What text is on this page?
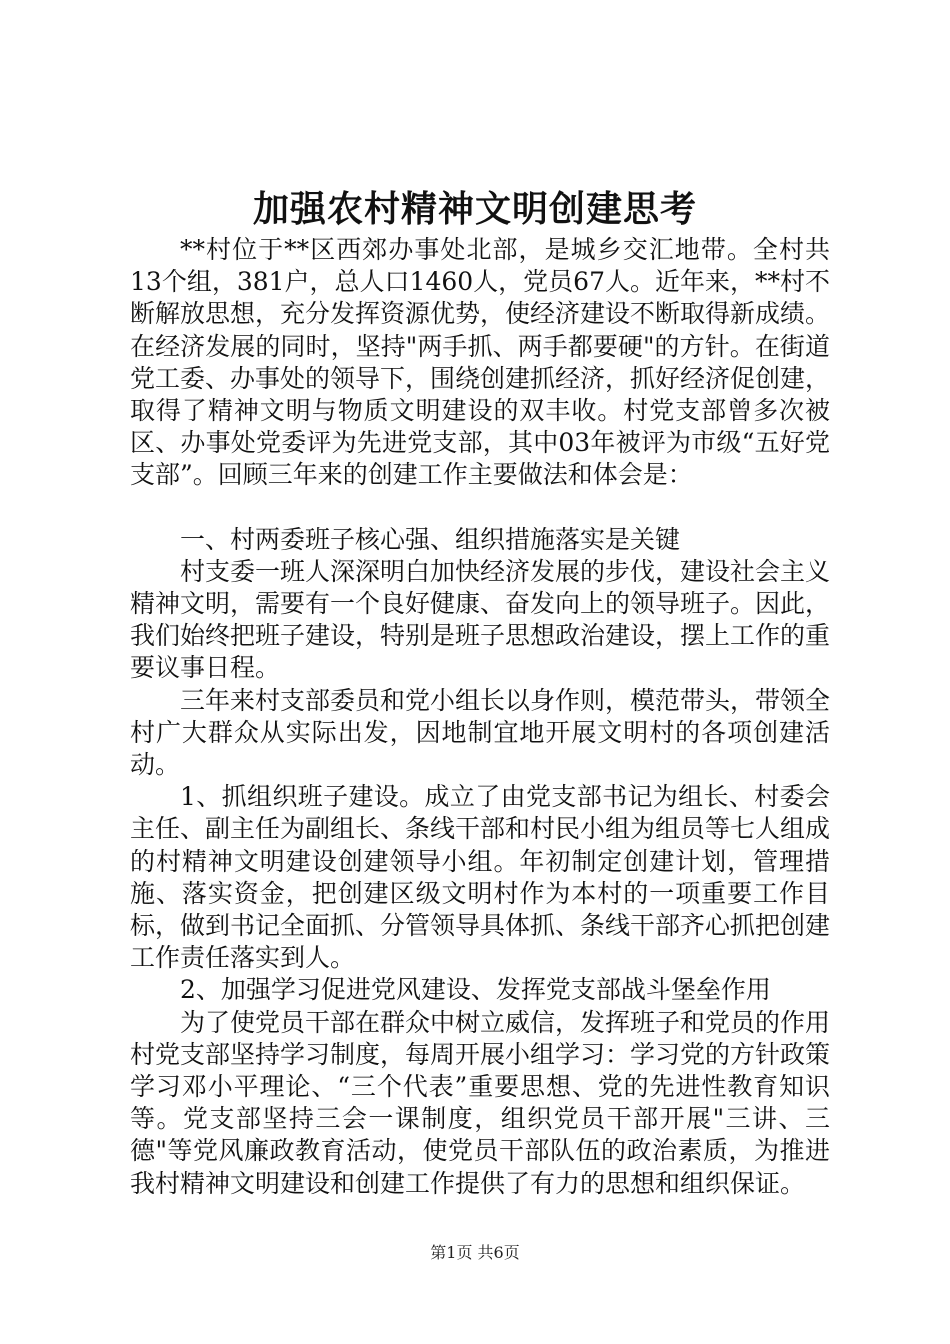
加强农村精神文明创建思考

**村位于**区西郊办事处北部，是城乡交汇地带。全村共13个组，381户，总人口1460人，党员67人。近年来，**村不断解放思想，充分发挥资源优势，使经济建设不断取得新成绩。在经济发展的同时，坚持"两手抓、两手都要硬"的方针。在街道党工委、办事处的领导下，围绕创建抓经济，抓好经济促创建，取得了精神文明与物质文明建设的双丰收。村党支部曾多次被区、办事处党委评为先进党支部，其中03年被评为市级“五好党支部”。回顾三年来的创建工作主要做法和体会是：

一、村两委班子核心强、组织措施落实是关键

村支委一班人深深明白加快经济发展的步伐，建设社会主义精神文明，需要有一个良好健康、奋发向上的领导班子。因此，我们始终把班子建设，特别是班子思想政治建设，摆上工作的重要议事日程。

三年来村支部委员和党小组长以身作则，模范带头，带领全村广大群众从实际出发，因地制宜地开展文明村的各项创建活动。

1、抓组织班子建设。成立了由党支部书记为组长、村委会主任、副主任为副组长、条线干部和村民小组为组员等七人组成的村精神文明建设创建领导小组。年初制定创建计划，管理措施、落实资金，把创建区级文明村作为本村的一项重要工作目标，做到书记全面抓、分管领导具体抓、条线干部齐心抓把创建工作责任落实到人。

2、加强学习促进党风建设、发挥党支部战斗堡垒作用

为了使党员干部在群众中树立威信，发挥班子和党员的作用村党支部坚持学习制度，每周开展小组学习：学习党的方针政策学习邓小平理论、“三个代表”重要思想、党的先进性教育知识等。党支部坚持三会一课制度，组织党员干部开展"三讲、三德"等党风廉政教育活动，使党员干部队伍的政治素质，为推进我村精神文明建设和创建工作提供了有力的思想和组织保证。

第1页 共6页
